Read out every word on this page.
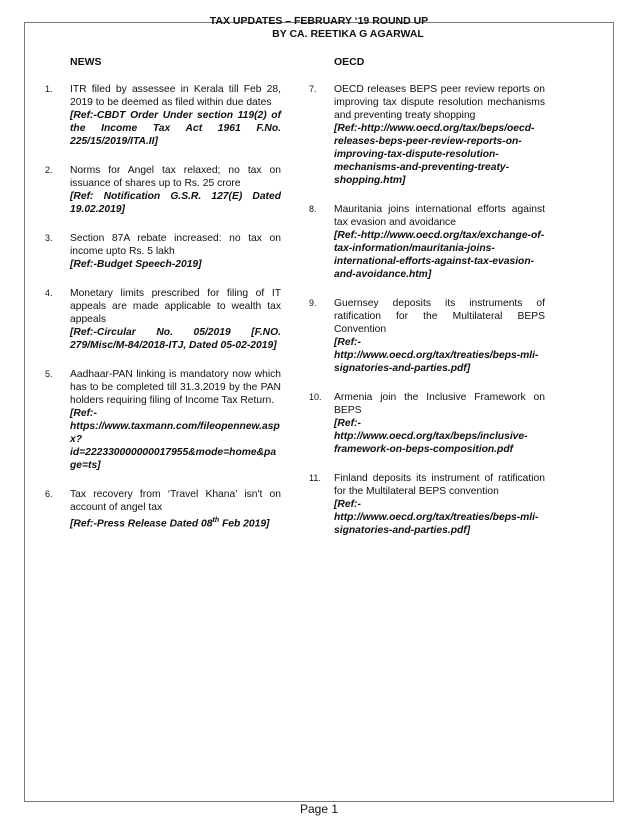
TAX UPDATES – FEBRUARY ‘19 ROUND UP
BY CA. REETIKA G AGARWAL
NEWS
1. ITR filed by assessee in Kerala till Feb 28, 2019 to be deemed as filed within due dates
[Ref:-CBDT Order Under section 119(2) of the Income Tax Act 1961 F.No. 225/15/2019/ITA.II]
2. Norms for Angel tax relaxed; no tax on issuance of shares up to Rs. 25 crore
[Ref: Notification G.S.R. 127(E) Dated 19.02.2019]
3. Section 87A rebate increased: no tax on income upto Rs. 5 lakh
[Ref:-Budget Speech-2019]
4. Monetary limits prescribed for filing of IT appeals are made applicable to wealth tax appeals
[Ref:-Circular No. 05/2019 [F.NO. 279/Misc/M-84/2018-ITJ, Dated 05-02-2019]
5. Aadhaar-PAN linking is mandatory now which has to be completed till 31.3.2019 by the PAN holders requiring filing of Income Tax Return.
[Ref:-https://www.taxmann.com/fileopennew.aspx?id=222330000000017955&mode=home&page=ts]
6. Tax recovery from ‘Travel Khana’ isn't on account of angel tax
[Ref:-Press Release Dated 08th Feb 2019]
OECD
7. OECD releases BEPS peer review reports on improving tax dispute resolution mechanisms and preventing treaty shopping
[Ref:-http://www.oecd.org/tax/beps/oecd-releases-beps-peer-review-reports-on-improving-tax-dispute-resolution-mechanisms-and-preventing-treaty-shopping.htm]
8. Mauritania joins international efforts against tax evasion and avoidance
[Ref:-http://www.oecd.org/tax/exchange-of-tax-information/mauritania-joins-international-efforts-against-tax-evasion-and-avoidance.htm]
9. Guernsey deposits its instruments of ratification for the Multilateral BEPS Convention
[Ref:-http://www.oecd.org/tax/treaties/beps-mli-signatories-and-parties.pdf]
10. Armenia join the Inclusive Framework on BEPS
[Ref:-http://www.oecd.org/tax/beps/inclusive-framework-on-beps-composition.pdf
11. Finland deposits its instrument of ratification for the Multilateral BEPS convention
[Ref:-http://www.oecd.org/tax/treaties/beps-mli-signatories-and-parties.pdf]
Page 1
